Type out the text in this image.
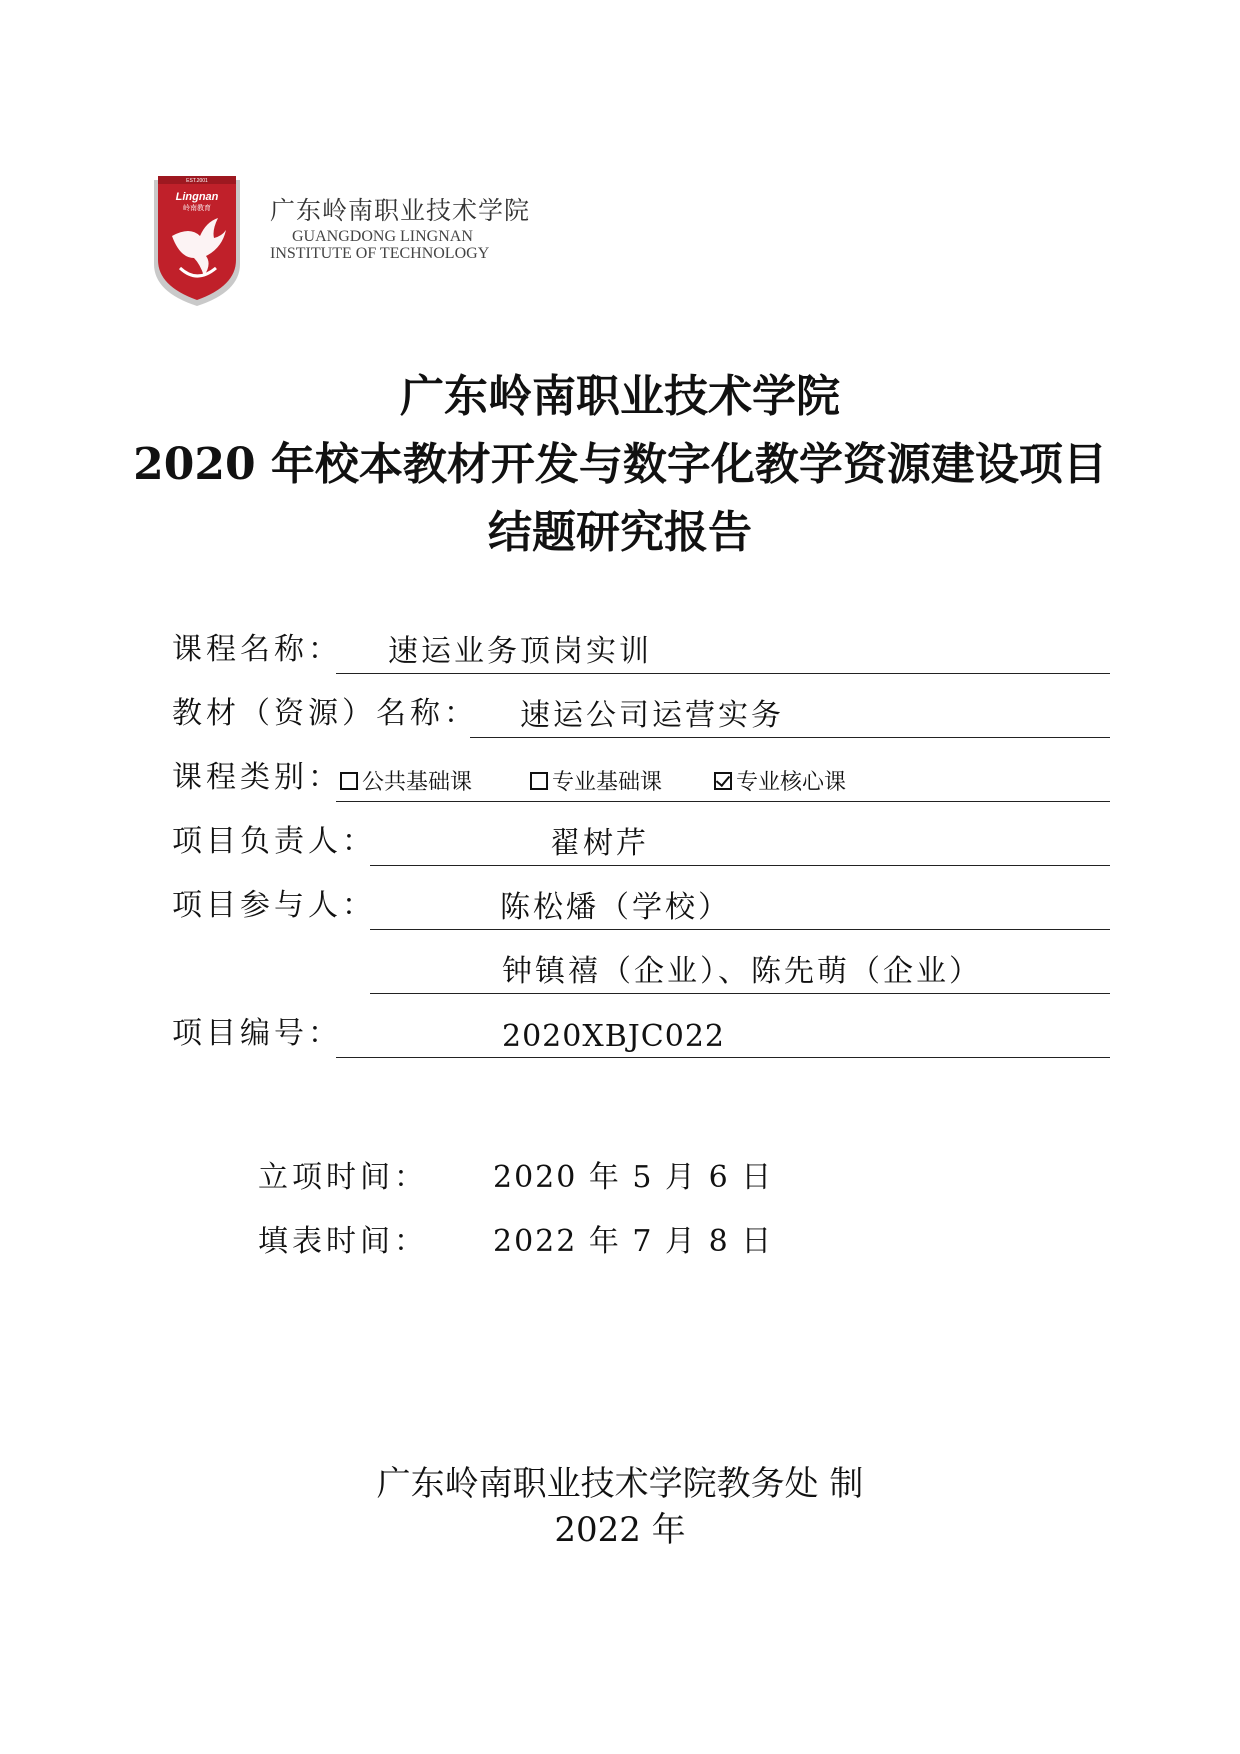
EST.2001
Lingnan
岭南教育 广东岭南职业技术学院
GUANGDONG LINGNAN
INSTITUTE OF TECHNOLOGY
广东岭南职业技术学院
2020 年校本教材开发与数字化教学资源建设项目
结题研究报告
课程名称： 速运业务顶岗实训
教材（资源）名称： 速运公司运营实务
课程类别： 公共基础课	专业基础课	专业核心课
项目负责人：	翟树芹
项目参与人：	陈松燔（学校）
钟镇禧（企业）、陈先萌（企业）
项目编号：	2020XBJC022
立项时间： 2020 年 5 月 6 日
填表时间： 2022 年 7 月 8 日
广东岭南职业技术学院教务处 制
2022 年
